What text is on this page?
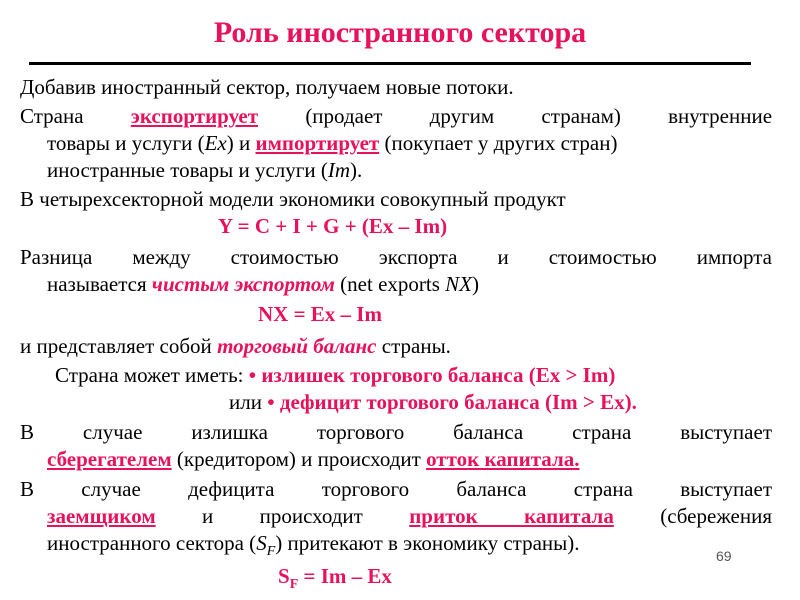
Роль иностранного сектора
Добавив иностранный сектор, получаем новые потоки.
Страна экспортирует (продает другим странам) внутренние
товары и услуги (Ex) и импортирует (покупает у других стран)
иностранные товары и услуги (Im).
В четырехсекторной модели экономики совокупный продукт
Y = C + I + G + (Ex – Im)
Разница между стоимостью экспорта и стоимостью импорта
называется чистым экспортом (net exports NX)
NX = Ex – Im
и представляет собой торговый баланс страны.
Страна может иметь: • излишек торгового баланса (Ex > Im)
или • дефицит торгового баланса (Im > Ex).
В случае излишка торгового баланса страна выступает
сберегателем (кредитором) и происходит отток капитала.
В случае дефицита торгового баланса страна выступает
заемщиком и происходит приток капитала (сбережения
иностранного сектора $(S_F)$ притекают в экономику страны).
$S_F = Im - Ex$
69
